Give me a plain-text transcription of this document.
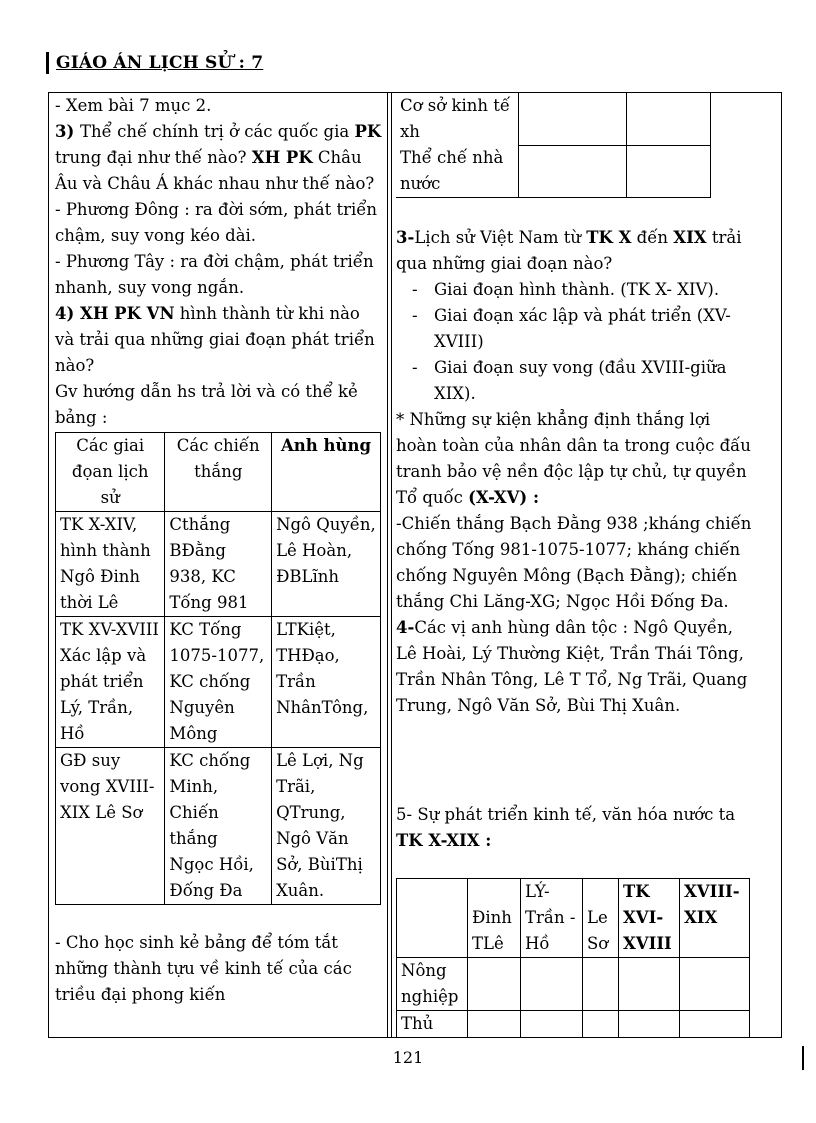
GIÁO ÁN LỊCH SỬ : 7

- Xem bài 7 mục 2.

3) Thể chế chính trị ở các quốc gia PK trung đại như thế nào? XH PK Châu Âu và Châu Á khác nhau như thế nào?

- Phương Đông : ra đời sớm, phát triển chậm, suy vong kéo dài.

- Phương Tây : ra đời chậm, phát triển nhanh, suy vong ngắn.

4) XH PK VN hình thành từ khi nào và trải qua những giai đoạn phát triển nào?

Gv hướng dẫn hs trả lời và có thể kẻ bảng :

Các giai đọan lịch sử	Các chiến thắng	Anh hùng
TK X-XIV, hình thành Ngô Đinh thời Lê	Cthắng BĐằng 938, KC Tống 981	Ngô Quyền, Lê Hoàn, ĐBLĩnh
TK XV-XVIII Xác lập và phát triển Lý, Trần, Hồ	KC Tống 1075-1077, KC chống Nguyên Mông	LTKiệt, THĐạo, Trần NhânTông,
GĐ suy vong XVIII-XIX Lê Sơ	KC chống Minh, Chiến thắng Ngọc Hồi, Đống Đa	Lê Lợi, Ng Trãi, QTrung, Ngô Văn Sở, BùiThị Xuân.

- Cho học sinh kẻ bảng để tóm tắt những thành tựu về kinh tế của các triều đại phong kiến

Cơ sở kinh tế xh		
Thể chế nhà nước		

3-Lịch sử Việt Nam từ TK X đến XIX trải qua những giai đoạn nào?

- Giai đoạn hình thành. (TK X- XIV).
- Giai đoạn xác lập và phát triển (XV-XVIII)
- Giai đoạn suy vong (đầu XVIII-giữa XIX).

* Những sự kiện khẳng định thắng lợi hoàn toàn của nhân dân ta trong cuộc đấu tranh bảo vệ nền độc lập tự chủ, tự quyền Tổ quốc (X-XV) :

-Chiến thắng Bạch Đằng 938 ;kháng chiến chống Tống 981-1075-1077; kháng chiến chống Nguyên Mông (Bạch Đằng); chiến thắng Chi Lăng-XG; Ngọc Hồi Đống Đa.

4-Các vị anh hùng dân tộc : Ngô Quyền, Lê Hoài, Lý Thường Kiệt, Trần Thái Tông, Trần Nhân Tông, Lê T Tổ, Ng Trãi, Quang Trung, Ngô Văn Sở, Bùi Thị Xuân.

5- Sự phát triển kinh tế, văn hóa nước ta TK X-XIX :

	Đinh TLê	LÝ-Trần -Hồ	Le Sơ	TK XVI-XVIII	XVIII-XIX
Nông nghiệp					
Thủ					
121
